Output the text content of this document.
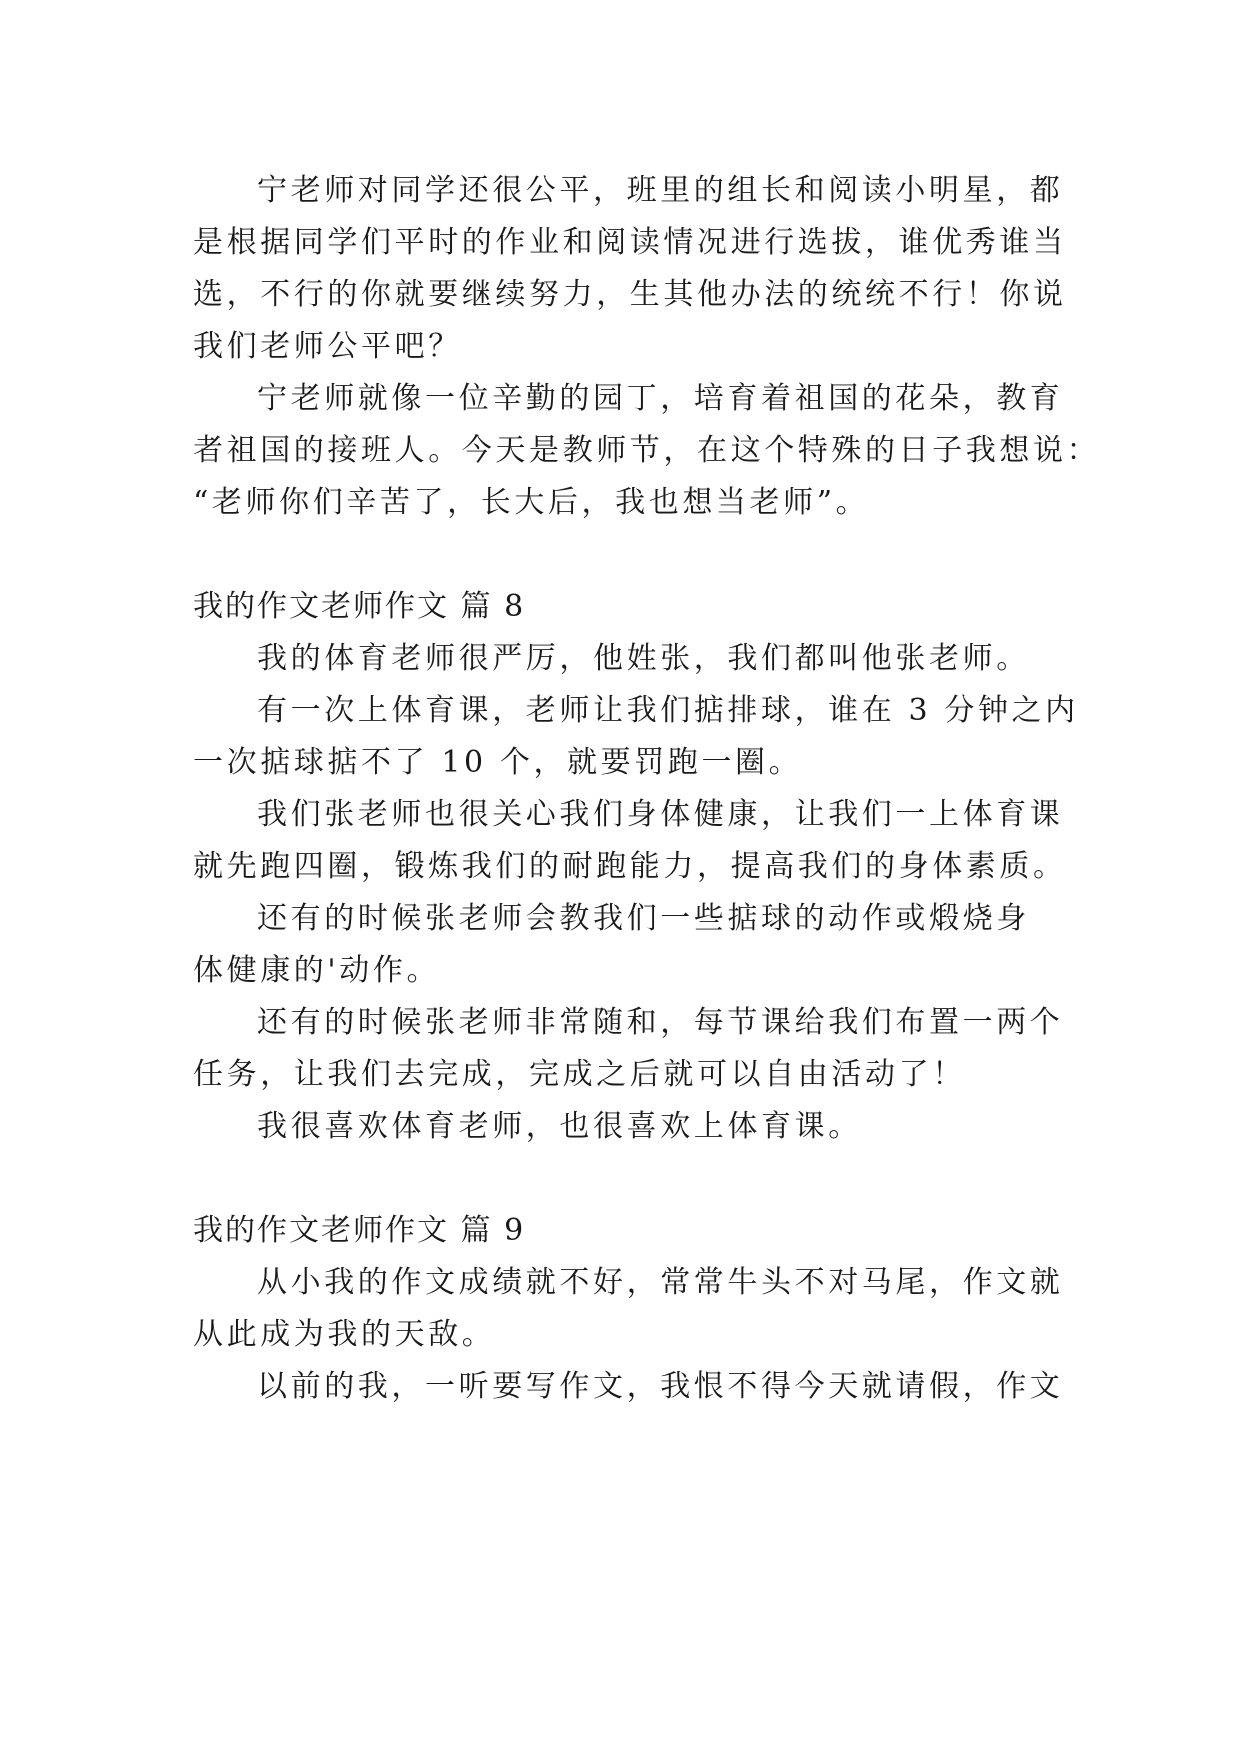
宁老师对同学还很公平，班里的组长和阅读小明星，都
是根据同学们平时的作业和阅读情况进行选拔，谁优秀谁当
选，不行的你就要继续努力，生其他办法的统统不行！你说
我们老师公平吧？
宁老师就像一位辛勤的园丁，培育着祖国的花朵，教育
者祖国的接班人。今天是教师节，在这个特殊的日子我想说：
“老师你们辛苦了，长大后，我也想当老师”。
我的作文老师作文 篇 8
我的体育老师很严厉，他姓张，我们都叫他张老师。
有一次上体育课，老师让我们掂排球，谁在 3 分钟之内
一次掂球掂不了 10 个，就要罚跑一圈。
我们张老师也很关心我们身体健康，让我们一上体育课
就先跑四圈，锻炼我们的耐跑能力，提高我们的身体素质。
还有的时候张老师会教我们一些掂球的动作或煅烧身
体健康的'动作。
还有的时候张老师非常随和，每节课给我们布置一两个
任务，让我们去完成，完成之后就可以自由活动了！
我很喜欢体育老师，也很喜欢上体育课。
我的作文老师作文 篇 9
从小我的作文成绩就不好，常常牛头不对马尾，作文就
从此成为我的天敌。
以前的我，一听要写作文，我恨不得今天就请假，作文
